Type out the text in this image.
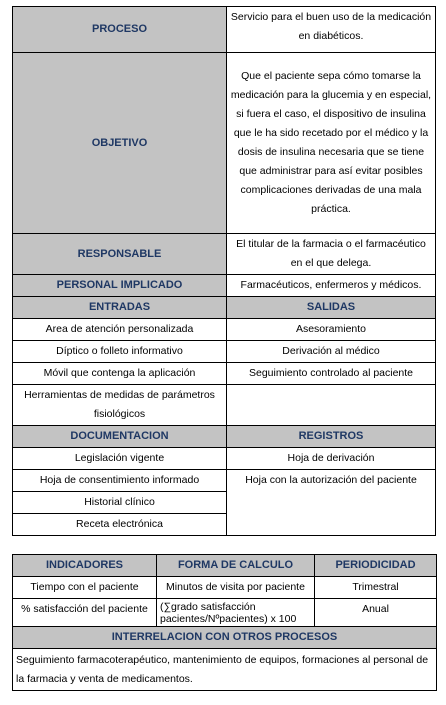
PROCESO	Servicio para el buen uso de la medicación en diabéticos.
OBJETIVO	Que el paciente sepa cómo tomarse la medicación para la glucemia y en especial, si fuera el caso, el dispositivo de insulina que le ha sido recetado por el médico y la dosis de insulina necesaria que se tiene que administrar para así evitar posibles complicaciones derivadas de una mala práctica.
RESPONSABLE	El titular de la farmacia o el farmacéutico en el que delega.
PERSONAL IMPLICADO	Farmacéuticos, enfermeros y médicos.
ENTRADAS	SALIDAS
Area de atención personalizada	Asesoramiento
Díptico o folleto informativo	Derivación al médico
Móvil que contenga la aplicación	Seguimiento controlado al paciente
Herramientas de medidas de parámetros fisiológicos	
DOCUMENTACION	REGISTROS
Legislación vigente	Hoja de derivación
Hoja de consentimiento informado	Hoja con la autorización del paciente
Historial clínico	
Receta electrónica	
INDICADORES	FORMA DE CALCULO	PERIODICIDAD
Tiempo con el paciente	Minutos de visita por paciente	Trimestral
% satisfacción del paciente	(∑grado satisfacción pacientes/Nºpacientes) x 100	Anual
INTERRELACION CON OTROS PROCESOS		
Seguimiento farmacoterapéutico, mantenimiento de equipos, formaciones al personal de la farmacia y venta de medicamentos.		
